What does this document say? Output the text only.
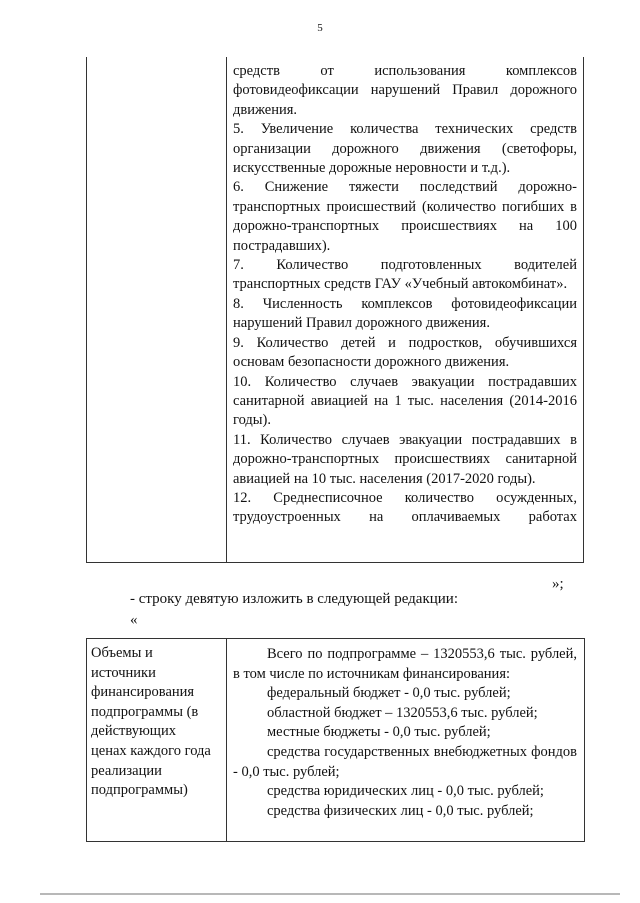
5

средств от использования комплексов фотовидеофиксации нарушений Правил дорожного движения.

5. Увеличение количества технических средств организации дорожного движения (светофоры, искусственные дорожные неровности и т.д.).

6. Снижение тяжести последствий дорожно-транспортных происшествий (количество погибших в дорожно-транспортных происшествиях на 100 пострадавших).

7. Количество подготовленных водителей транспортных средств ГАУ «Учебный автокомбинат».

8. Численность комплексов фотовидеофиксации нарушений Правил дорожного движения.

9. Количество детей и подростков, обучившихся основам безопасности дорожного движения.

10. Количество случаев эвакуации пострадавших санитарной авиацией на 1 тыс. населения (2014-2016 годы).

11. Количество случаев эвакуации пострадавших в дорожно-транспортных происшествиях санитарной авиацией на 10 тыс. населения (2017-2020 годы).

12. Среднесписочное количество осужденных, трудоустроенных на оплачиваемых работах

»;
- строку девятую изложить в следующей редакции:
«

Объемы и

источники

финансирования

подпрограммы (в

действующих

ценах каждого года

реализации

подпрограммы)

Всего по подпрограмме – 1320553,6 тыс. рублей, в том числе по источникам финансирования:

федеральный бюджет - 0,0 тыс. рублей;

областной бюджет – 1320553,6 тыс. рублей;

местные бюджеты - 0,0 тыс. рублей;

средства государственных внебюджетных фондов - 0,0 тыс. рублей;

средства юридических лиц - 0,0 тыс. рублей;

средства физических лиц - 0,0 тыс. рублей;
